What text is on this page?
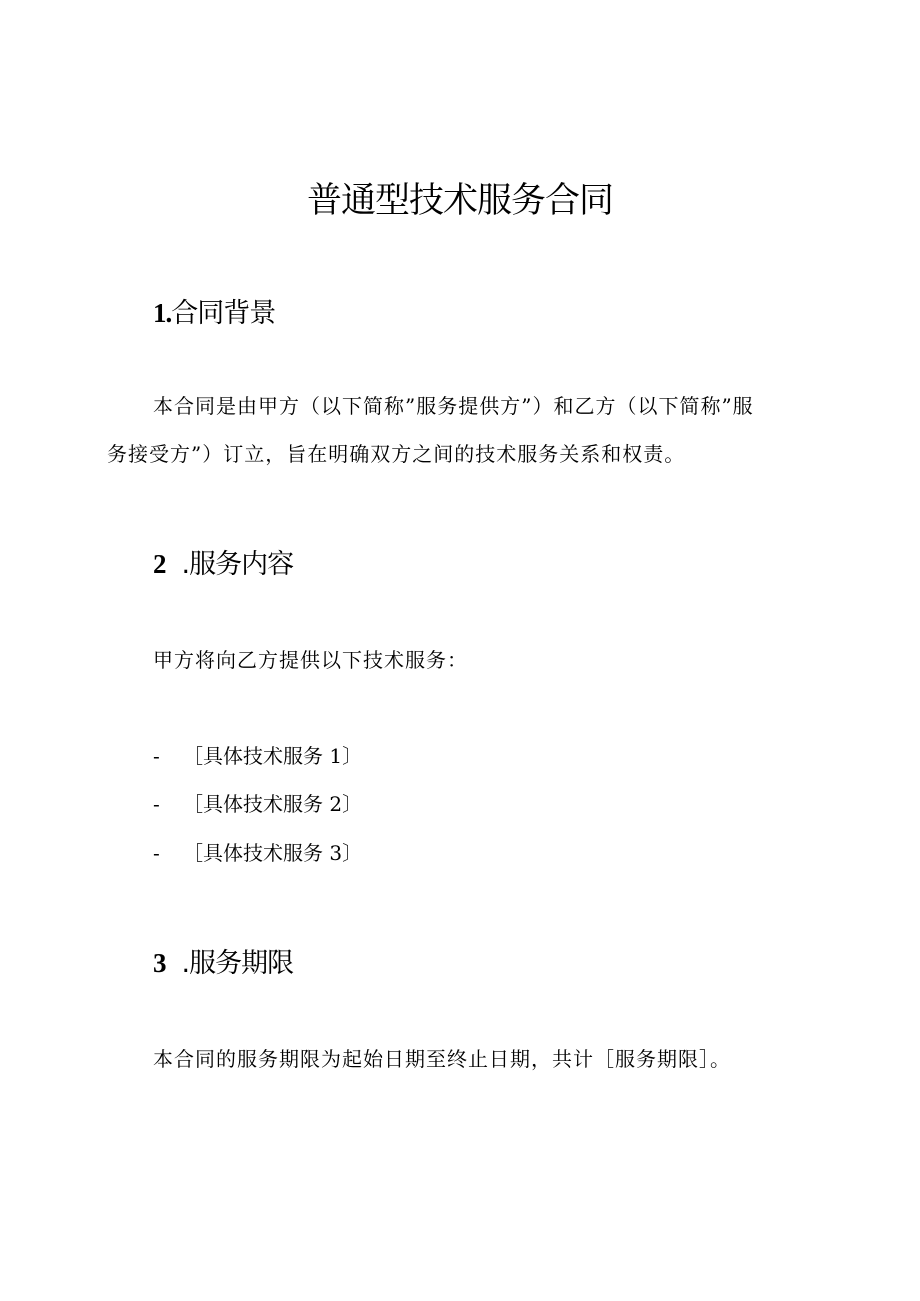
普通型技术服务合同
1.合同背景
本合同是由甲方（以下简称”服务提供方”）和乙方（以下简称”服
务接受方”）订立，旨在明确双方之间的技术服务关系和权责。
2 .服务内容
甲方将向乙方提供以下技术服务：
- ［具体技术服务 1〕
- ［具体技术服务 2〕
- ［具体技术服务 3〕
3 .服务期限
本合同的服务期限为起始日期至终止日期，共计［服务期限］。
